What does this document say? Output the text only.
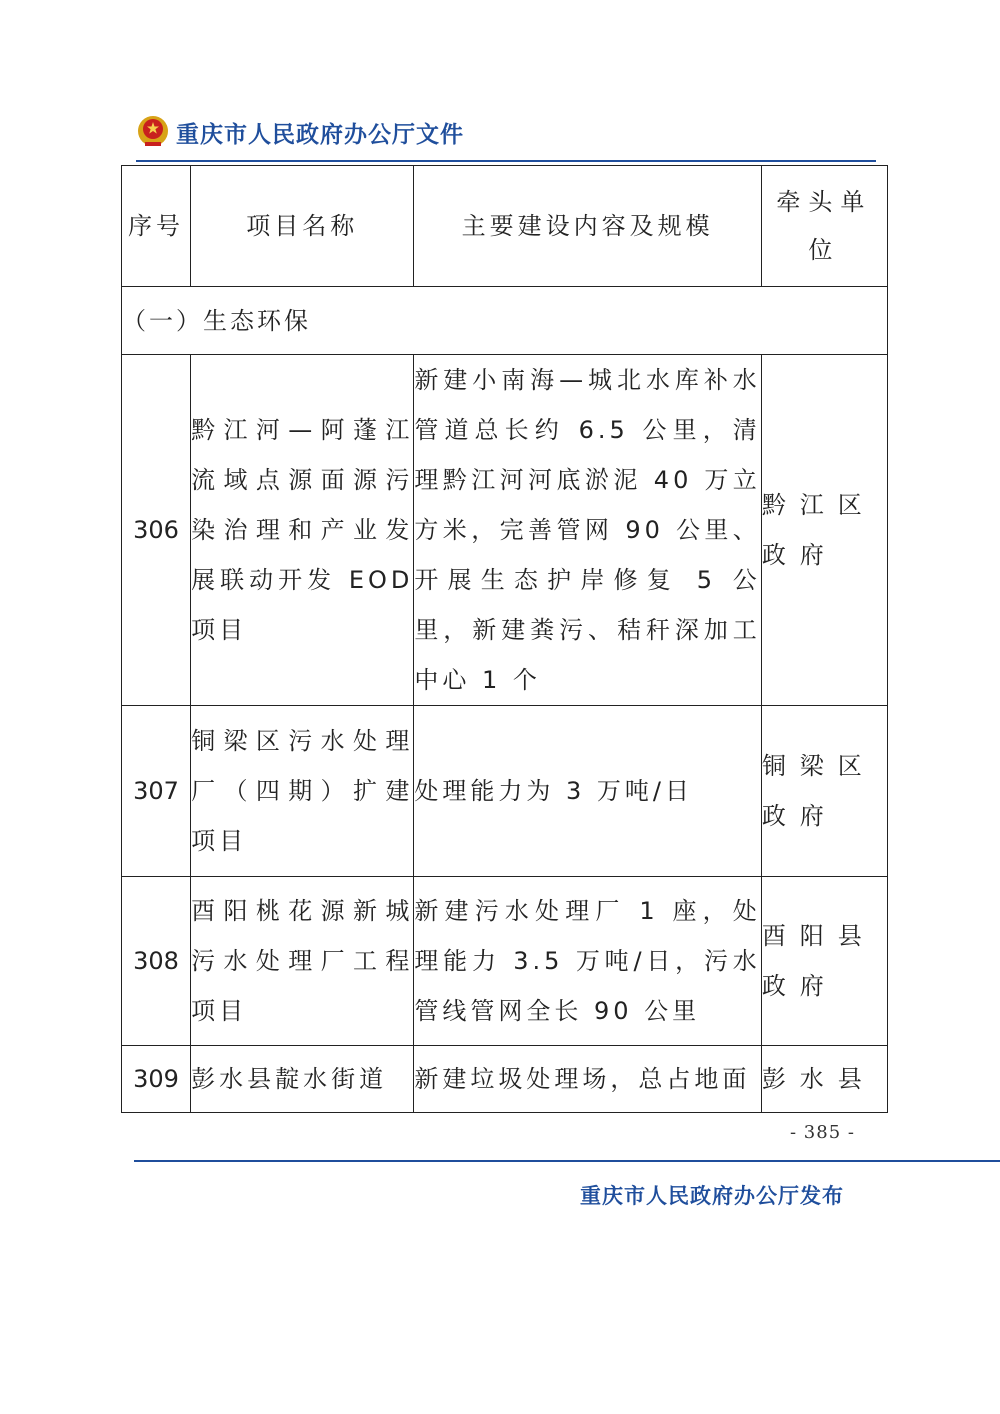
重庆市人民政府办公厅文件
序号	项目名称	主要建设内容及规模	牵头单位
（一）生态环保			
306	黔江河—阿蓬江流域点源面源污染治理和产业发展联动开发 EOD 项目	新建小南海—城北水库补水管道总长约 6.5 公里，清理黔江河河底淤泥 40 万立方米，完善管网 90 公里、开展生态护岸修复 5 公里，新建粪污、秸秆深加工中心 1 个	黔江区政府
307	铜梁区污水处理厂（四期）扩建项目	处理能力为 3 万吨/日	铜梁区政府
308	酉阳桃花源新城污水处理厂工程项目	新建污水处理厂 1 座，处理能力 3.5 万吨/日，污水管线管网全长 90 公里	酉阳县政府
309	彭水县靛水街道	新建垃圾处理场，总占地面	彭水县
- 385 -
重庆市人民政府办公厅发布
